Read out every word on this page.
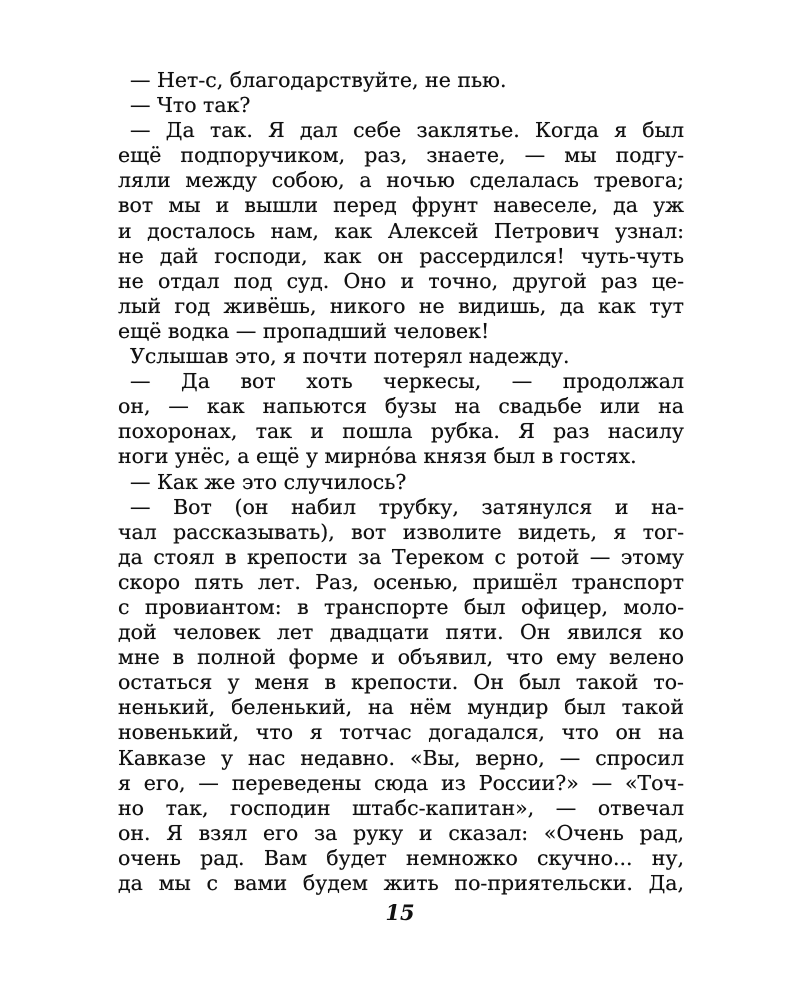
— Нет-с, благодарствуйте, не пью.
— Что так?
— Да так. Я дал себе заклятье. Когда я был
ещё подпоручиком, раз, знаете, — мы подгу-
ляли между собою, а ночью сделалась тревога;
вот мы и вышли перед фрунт навеселе, да уж
и досталось нам, как Алексей Петрович узнал:
не дай господи, как он рассердился! чуть-чуть
не отдал под суд. Оно и точно, другой раз це-
лый год живёшь, никого не видишь, да как тут
ещё водка — пропадший человек!
Услышав это, я почти потерял надежду.
— Да вот хоть черкесы, — продолжал
он, — как напьются бузы на свадьбе или на
похоронах, так и пошла рубка. Я раз насилу
ноги унёс, а ещё у мирнóва князя был в гостях.
— Как же это случилось?
— Вот (он набил трубку, затянулся и на-
чал рассказывать), вот изволите видеть, я тог-
да стоял в крепости за Тереком с ротой — этому
скоро пять лет. Раз, осенью, пришёл транспорт
с провиантом: в транспорте был офицер, моло-
дой человек лет двадцати пяти. Он явился ко
мне в полной форме и объявил, что ему велено
остаться у меня в крепости. Он был такой то-
ненький, беленький, на нём мундир был такой
новенький, что я тотчас догадался, что он на
Кавказе у нас недавно. «Вы, верно, — спросил
я его, — переведены сюда из России?» — «Точ-
но так, господин штабс-капитан», — отвечал
он. Я взял его за руку и сказал: «Очень рад,
очень рад. Вам будет немножко скучно... ну,
да мы с вами будем жить по-приятельски. Да,
15
